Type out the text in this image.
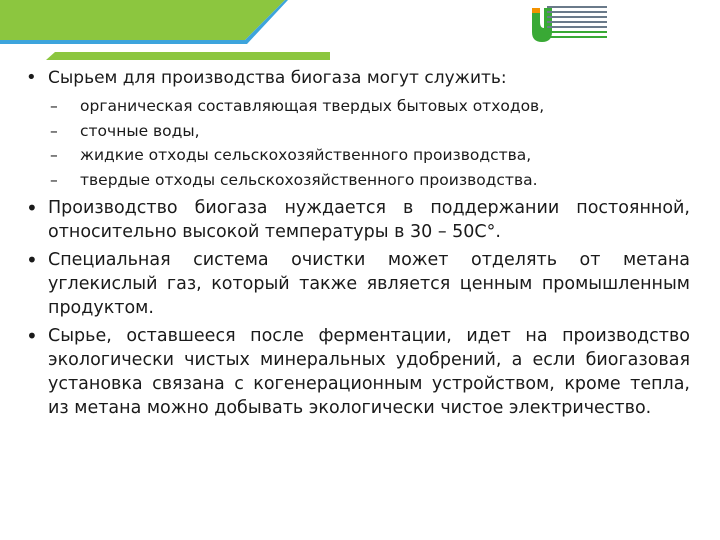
• Сырьем для производства биогаза могут служить:
– органическая составляющая твердых бытовых отходов,
– сточные воды,
– жидкие отходы сельскохозяйственного производства,
– твердые отходы сельскохозяйственного производства.
• Производство биогаза нуждается в поддержании постоянной, относительно высокой температуры в 30 – 50С°.
• Специальная система очистки может отделять от метана углекислый газ, который также является ценным промышленным продуктом.
• Сырье, оставшееся после ферментации, идет на производство экологически чистых минеральных удобрений, а если биогазовая установка связана с когенерационным устройством, кроме тепла, из метана можно добывать экологически чистое электричество.
